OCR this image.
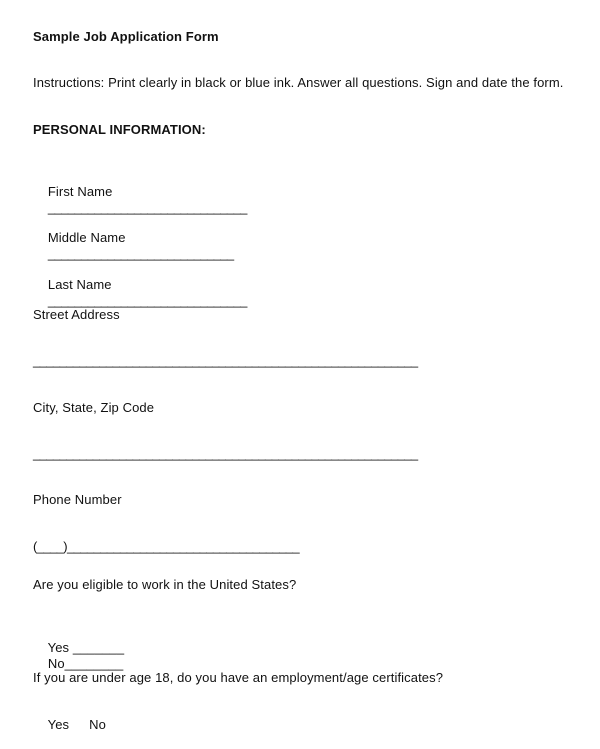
Sample Job Application Form
Instructions: Print clearly in black or blue ink. Answer all questions. Sign and date the form.
PERSONAL INFORMATION:

First Name
______________________________

Middle Name
____________________________

Last Name
______________________________

Street Address
__________________________________________________________
City, State, Zip Code
__________________________________________________________
Phone Number
(____)___________________________________
Are you eligible to work in the United States?

Yes _______
No________

If you are under age 18, do you have an employment/age certificates?

Yes No
